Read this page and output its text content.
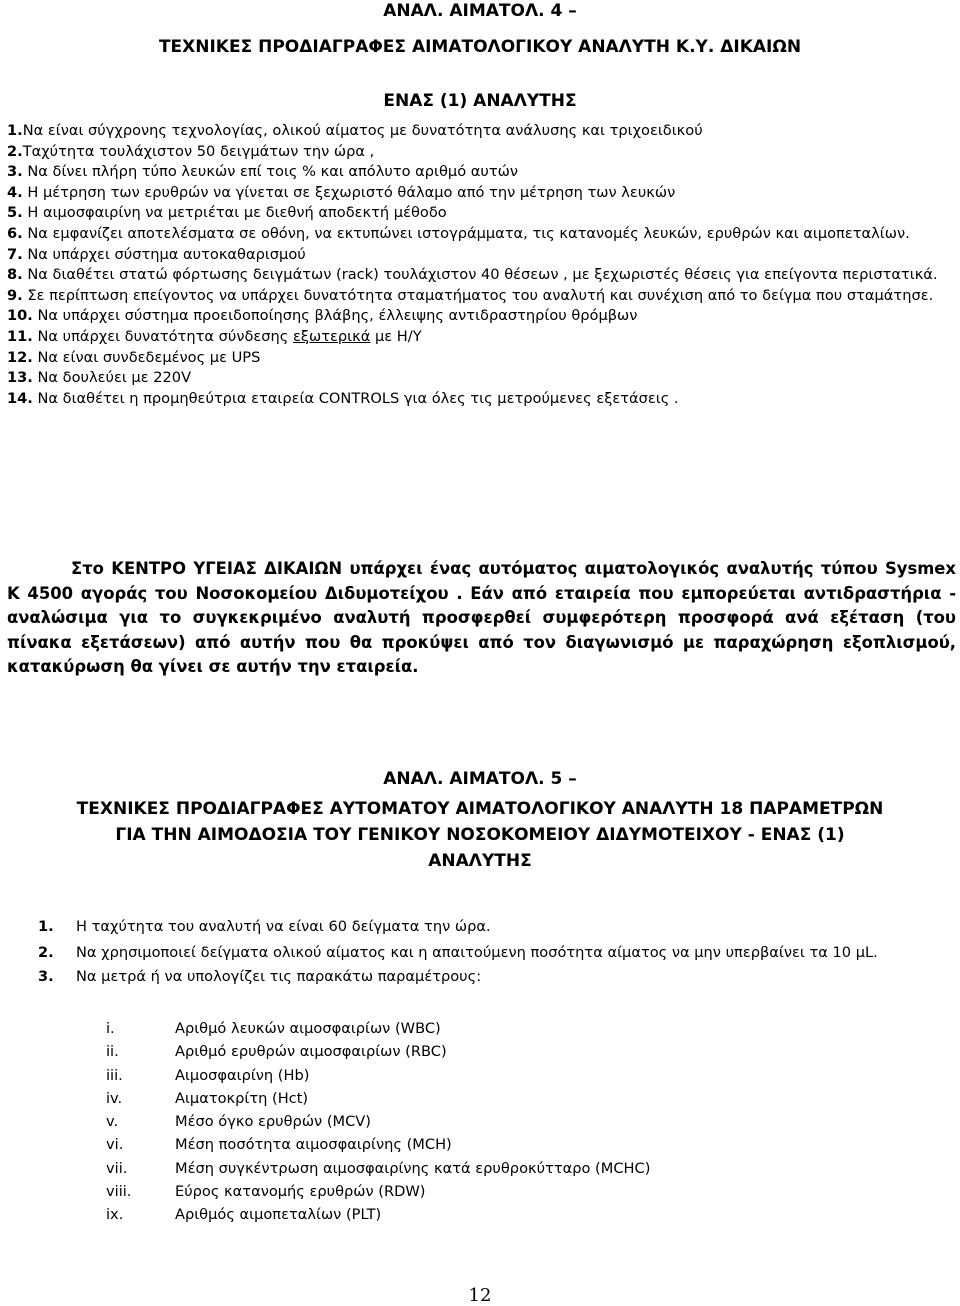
ΑΝΑΛ. ΑΙΜΑΤΟΛ. 4 –
ΤΕΧΝΙΚΕΣ ΠΡΟΔΙΑΓΡΑΦΕΣ ΑΙΜΑΤΟΛΟΓΙΚΟΥ ΑΝΑΛΥΤΗ Κ.Υ. ΔΙΚΑΙΩΝ
ΕΝΑΣ (1) ΑΝΑΛΥΤΗΣ
1.Να είναι σύγχρονης τεχνολογίας, ολικού αίματος με δυνατότητα ανάλυσης και τριχοειδικού
2.Ταχύτητα τουλάχιστον 50 δειγμάτων την ώρα ,
3. Να δίνει πλήρη τύπο λευκών επί τοις % και απόλυτο αριθμό αυτών
4. Η μέτρηση των ερυθρών να γίνεται σε ξεχωριστό θάλαμο από την μέτρηση των λευκών
5. Η αιμοσφαιρίνη να μετριέται με διεθνή αποδεκτή μέθοδο
6. Να εμφανίζει αποτελέσματα σε οθόνη, να εκτυπώνει ιστογράμματα, τις κατανομές λευκών, ερυθρών και αιμοπεταλίων.
7. Να υπάρχει σύστημα αυτοκαθαρισμού
8. Να διαθέτει στατώ φόρτωσης δειγμάτων (rack) τουλάχιστον 40 θέσεων , με ξεχωριστές θέσεις για επείγοντα περιστατικά.
9. Σε περίπτωση επείγοντος να υπάρχει δυνατότητα σταματήματος του αναλυτή και συνέχιση από το δείγμα που σταμάτησε.
10. Να υπάρχει σύστημα προειδοποίησης βλάβης, έλλειψης αντιδραστηρίου θρόμβων
11. Να υπάρχει δυνατότητα σύνδεσης εξωτερικά με Η/Υ
12. Να είναι συνδεδεμένος με UPS
13. Να δουλεύει με 220V
14. Να διαθέτει η προμηθεύτρια εταιρεία CONTROLS για όλες τις μετρούμενες εξετάσεις .
Στο ΚΕΝΤΡΟ ΥΓΕΙΑΣ ΔΙΚΑΙΩΝ υπάρχει ένας αυτόματος αιματολογικός αναλυτής τύπου Sysmex K 4500 αγοράς του Νοσοκομείου Διδυμοτείχου . Εάν από εταιρεία που εμπορεύεται αντιδραστήρια - αναλώσιμα για το συγκεκριμένο αναλυτή προσφερθεί συμφερότερη προσφορά ανά εξέταση (του πίνακα εξετάσεων) από αυτήν που θα προκύψει από τον διαγωνισμό με παραχώρηση εξοπλισμού, κατακύρωση θα γίνει σε αυτήν την εταιρεία.
ΑΝΑΛ. ΑΙΜΑΤΟΛ. 5 –
ΤΕΧΝΙΚΕΣ ΠΡΟΔΙΑΓΡΑΦΕΣ ΑΥΤΟΜΑΤΟΥ ΑΙΜΑΤΟΛΟΓΙΚΟΥ ΑΝΑΛΥΤΗ 18 ΠΑΡΑΜΕΤΡΩΝ
ΓΙΑ ΤΗΝ ΑΙΜΟΔΟΣΙΑ ΤΟΥ ΓΕΝΙΚΟΥ ΝΟΣΟΚΟΜΕΙΟΥ ΔΙΔΥΜΟΤΕΙΧΟΥ - ΕΝΑΣ (1)
ΑΝΑΛΥΤΗΣ
1. Η ταχύτητα του αναλυτή να είναι 60 δείγματα την ώρα.
2. Να χρησιμοποιεί δείγματα ολικού αίματος και η απαιτούμενη ποσότητα αίματος να μην υπερβαίνει τα 10 μL.
3. Να μετρά ή να υπολογίζει τις παρακάτω παραμέτρους:
i.	Αριθμό λευκών αιμοσφαιρίων (WBC)
ii.	Αριθμό ερυθρών αιμοσφαιρίων (RBC)
iii.	Αιμοσφαιρίνη (Hb)
iv.	Αιματοκρίτη (Hct)
v.	Μέσο όγκο ερυθρών (MCV)
vi.	Μέση ποσότητα αιμοσφαιρίνης (MCH)
vii.	Μέση συγκέντρωση αιμοσφαιρίνης κατά ερυθροκύτταρο (MCHC)
viii.	Εύρος κατανομής ερυθρών (RDW)
ix.	Αριθμός αιμοπεταλίων (PLT)
12
